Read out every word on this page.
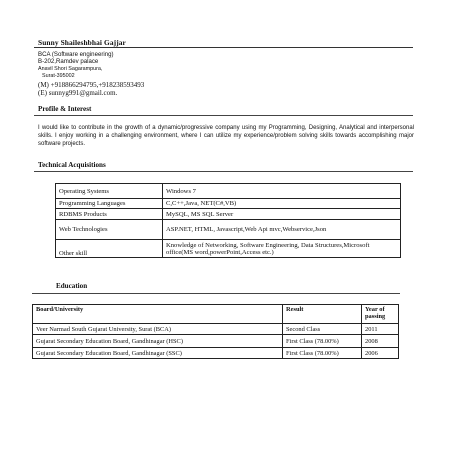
Sunny Shaileshbhai Gajjar
BCA (Software engineering)
B-202,Ramdev palace
Anavil Shori Sagarampura,
Surat-395002
(M) +918866294795,+918238593493
(E) sunnyg991@gmail.com.
Profile & Interest
I would like to contribute in the growth of a dynamic/progressive company using my Programming, Designing, Analytical and interpersonal skills. I enjoy working in a challenging environment, where I can utilize my experience/problem solving skills towards accomplishing major software projects.
Technical Acquisitions
Operating Systems	Windows 7
Programming Languages	C,C++,Java, NET(C#,VB)
RDBMS Products	MySQL, MS SQL Server
Web Technologies	ASP.NET, HTML, Javascript,Web Api mvc,Webservice,Json
Other skill	Knowledge of Networking, Software Engineering, Data Structures,Microsoft office(MS word,powerPoint,Access etc.)
Education
Board/University	Result	Year of passing
Veer Narmad South Gujarat University, Surat (BCA)	Second Class	2011
Gujarat Secondary Education Board, Gandhinagar (HSC)	First Class (78.00%)	2008
Gujarat Secondary Education Board, Gandhinagar (SSC)	First Class (78.00%)	2006
